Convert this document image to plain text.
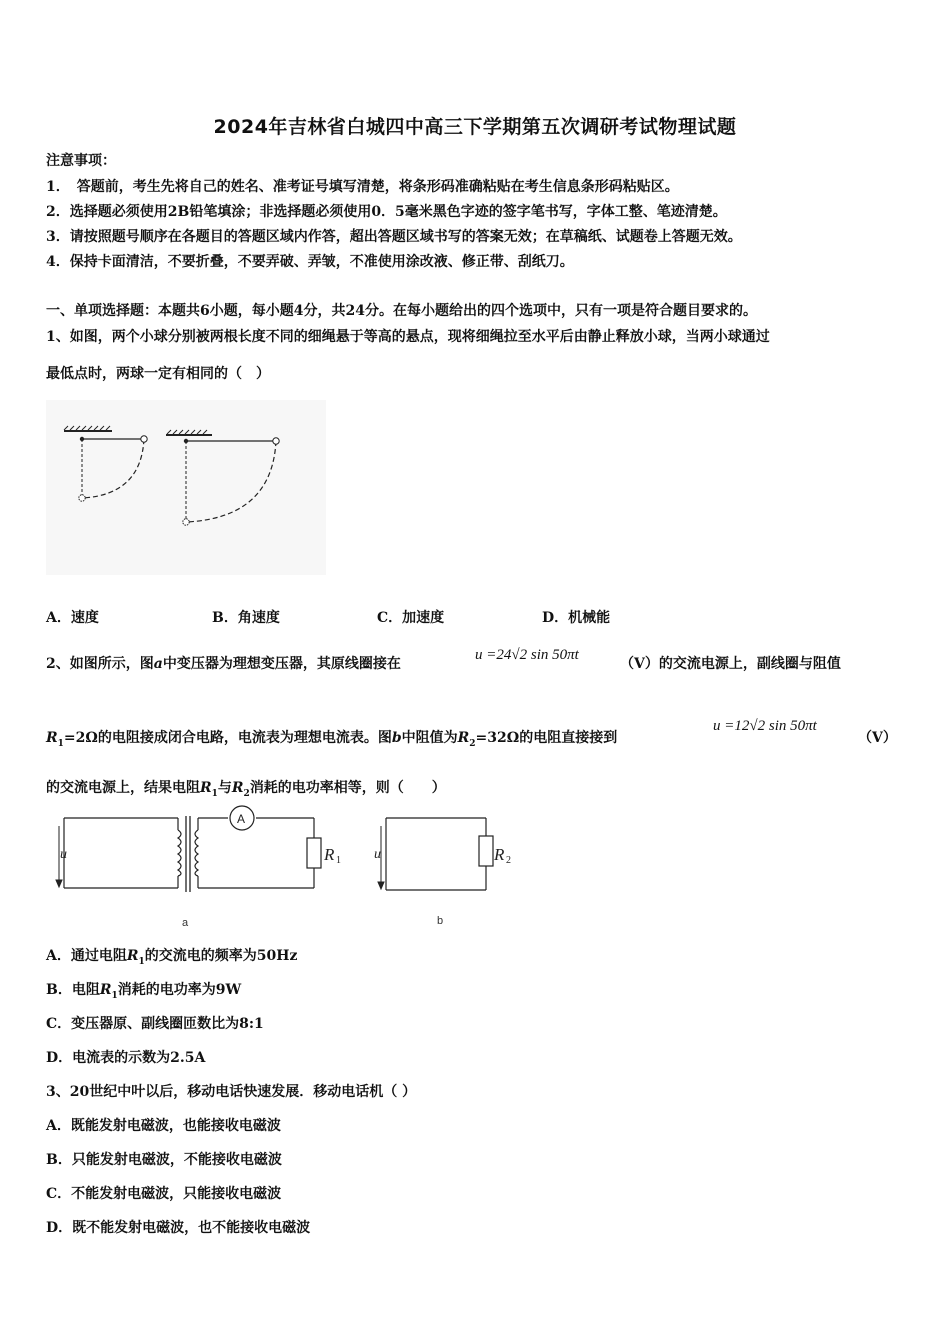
2024年吉林省白城四中高三下学期第五次调研考试物理试题
注意事项：
1．　答题前，考生先将自己的姓名、准考证号填写清楚，将条形码准确粘贴在考生信息条形码粘贴区。
2．选择题必须使用2B铅笔填涂；非选择题必须使用0．5毫米黑色字迹的签字笔书写，字体工整、笔迹清楚。
3．请按照题号顺序在各题目的答题区域内作答，超出答题区域书写的答案无效；在草稿纸、试题卷上答题无效。
4．保持卡面清洁，不要折叠，不要弄破、弄皱，不准使用涂改液、修正带、刮纸刀。
一、单项选择题：本题共6小题，每小题4分，共24分。在每小题给出的四个选项中，只有一项是符合题目要求的。
1、如图，两个小球分别被两根长度不同的细绳悬于等高的悬点，现将细绳拉至水平后由静止释放小球，当两小球通过
最低点时，两球一定有相同的（　）
A．速度	B．角速度	C．加速度	D．机械能
2、如图所示，图a中变压器为理想变压器，其原线圈接在
u =24√2 sin 50πt
（V）的交流电源上，副线圈与阻值
$R_1=2\Omega$的电阻接成闭合电路，电流表为理想电流表。图b中阻值为$R_2=32\Omega$的电阻直接接到
u =12√2 sin 50πt
（V）
的交流电源上，结果电阻$R_1$与$R_2$消耗的电功率相等，则（　　）
u
A
R 1
a
u	R 2
b
A．通过电阻$R_1$的交流电的频率为50Hz
B．电阻$R_1$消耗的电功率为9W
C．变压器原、副线圈匝数比为8:1
D．电流表的示数为2.5A
3、20世纪中叶以后，移动电话快速发展．移动电话机（ ）
A．既能发射电磁波，也能接收电磁波
B．只能发射电磁波，不能接收电磁波
C．不能发射电磁波，只能接收电磁波
D．既不能发射电磁波，也不能接收电磁波
